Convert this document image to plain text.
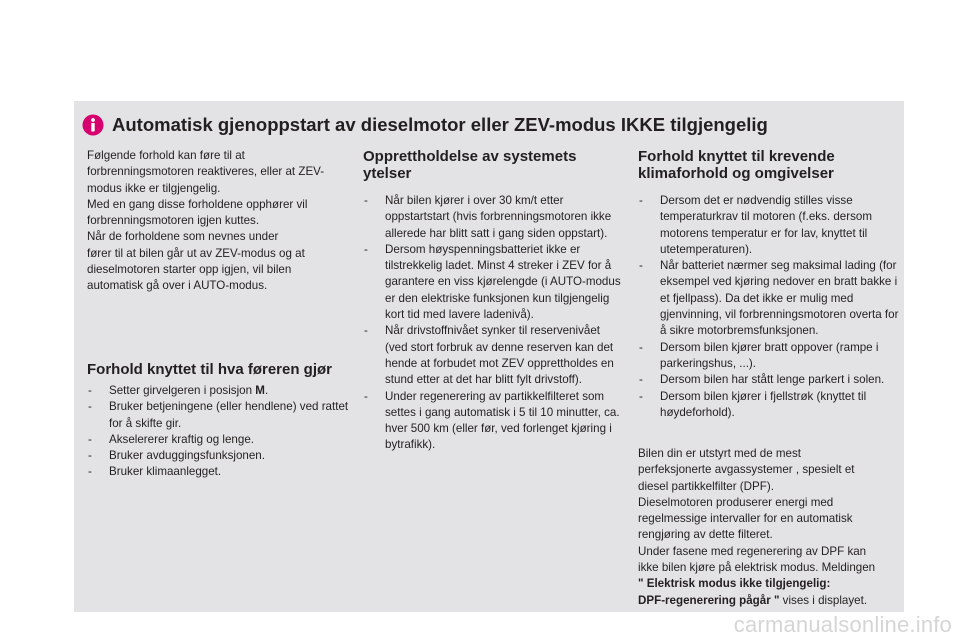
Automatisk gjenoppstart av dieselmotor eller ZEV-modus IKKE tilgjengelig

Følgende forhold kan føre til at

forbrenningsmotoren reaktiveres, eller at ZEV-

modus ikke er tilgjengelig.

Med en gang disse forholdene opphører vil

forbrenningsmotoren igjen kuttes.

Når de forholdene som nevnes under

fører til at bilen går ut av ZEV-modus og at

dieselmotoren starter opp igjen, vil bilen

automatisk gå over i AUTO-modus.

Forhold knyttet til hva føreren gjør
- Setter girvelgeren i posisjon M.
- Bruker betjeningene (eller hendlene) ved rattet for å skifte gir.
- Akselererer kraftig og lenge.
- Bruker avduggingsfunksjonen.
- Bruker klimaanlegget.
Opprettholdelse av systemets
ytelser
- Når bilen kjører i over 30 km/t etter oppstartstart (hvis forbrenningsmotoren ikke allerede har blitt satt i gang siden oppstart).
- Dersom høyspenningsbatteriet ikke er tilstrekkelig ladet. Minst 4 streker i ZEV for å garantere en viss kjørelengde (i AUTO-modus er den elektriske funksjonen kun tilgjengelig kort tid med lavere ladenivå).
- Når drivstoffnivået synker til reservenivået (ved stort forbruk av denne reserven kan det hende at forbudet mot ZEV opprettholdes en stund etter at det har blitt fylt drivstoff).
- Under regenerering av partikkelfilteret som settes i gang automatisk i 5 til 10 minutter, ca. hver 500 km (eller før, ved forlenget kjøring i bytrafikk).
Forhold knyttet til krevende
klimaforhold og omgivelser
- Dersom det er nødvendig stilles visse temperaturkrav til motoren (f.eks. dersom motorens temperatur er for lav, knyttet til utetemperaturen).
- Når batteriet nærmer seg maksimal lading (for eksempel ved kjøring nedover en bratt bakke i et fjellpass). Da det ikke er mulig med gjenvinning, vil forbrenningsmotoren overta for å sikre motorbremsfunksjonen.
- Dersom bilen kjører bratt oppover (rampe i parkeringshus, ...).
- Dersom bilen har stått lenge parkert i solen.
- Dersom bilen kjører i fjellstrøk (knyttet til høydeforhold).

Bilen din er utstyrt med de mest

perfeksjonerte avgassystemer , spesielt et

diesel partikkelfilter (DPF).

Dieselmotoren produserer energi med

regelmessige intervaller for en automatisk

rengjøring av dette filteret.

Under fasene med regenerering av DPF kan

ikke bilen kjøre på elektrisk modus. Meldingen

" Elektrisk modus ikke tilgjengelig:

DPF-regenerering pågår " vises i displayet.

carmanualsonline.info
